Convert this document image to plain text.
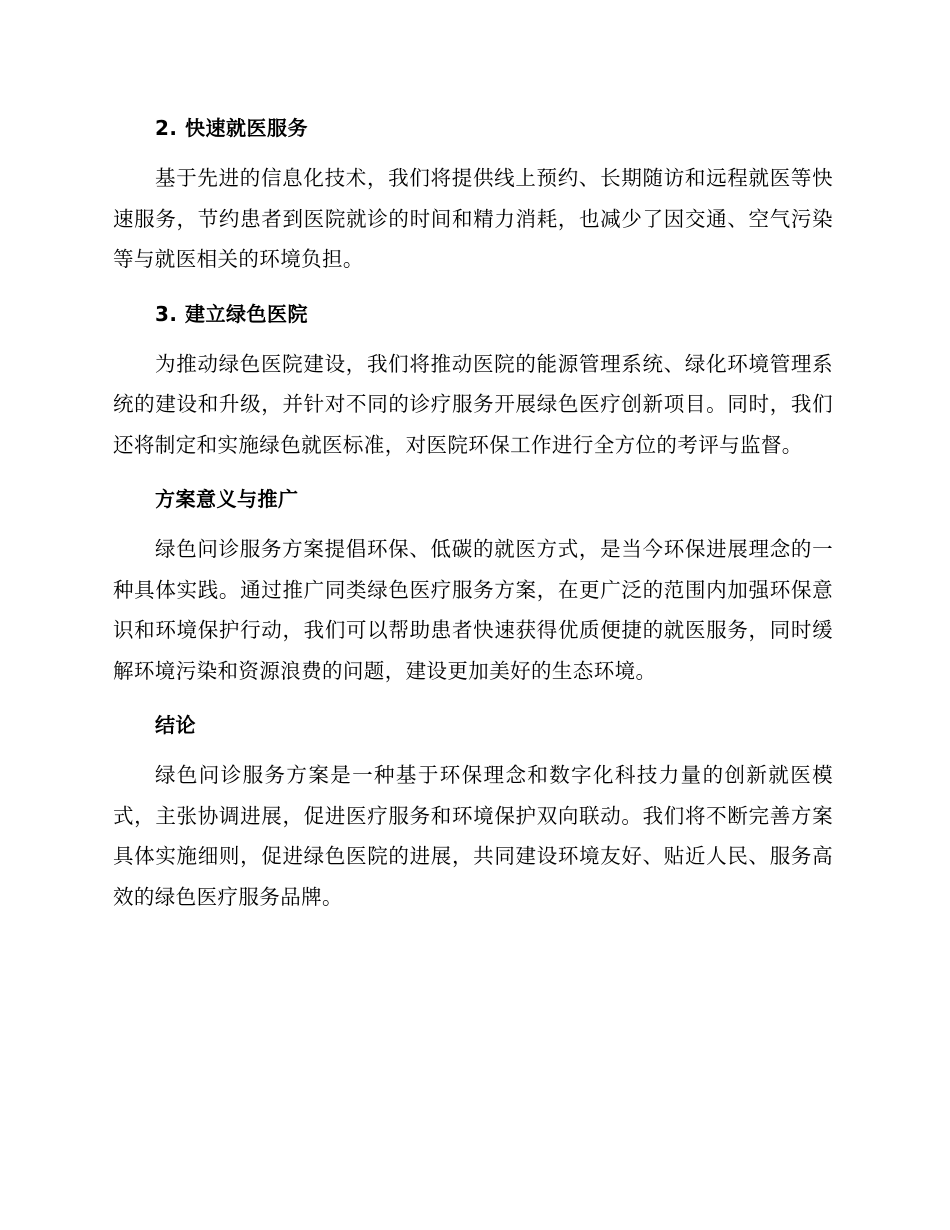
2. 快速就医服务

基于先进的信息化技术，我们将提供线上预约、长期随访和远程就医等快速服务，节约患者到医院就诊的时间和精力消耗，也减少了因交通、空气污染等与就医相关的环境负担。

3. 建立绿色医院

为推动绿色医院建设，我们将推动医院的能源管理系统、绿化环境管理系统的建设和升级，并针对不同的诊疗服务开展绿色医疗创新项目。同时，我们还将制定和实施绿色就医标准，对医院环保工作进行全方位的考评与监督。

方案意义与推广

绿色问诊服务方案提倡环保、低碳的就医方式，是当今环保进展理念的一种具体实践。通过推广同类绿色医疗服务方案，在更广泛的范围内加强环保意识和环境保护行动，我们可以帮助患者快速获得优质便捷的就医服务，同时缓解环境污染和资源浪费的问题，建设更加美好的生态环境。

结论

绿色问诊服务方案是一种基于环保理念和数字化科技力量的创新就医模式，主张协调进展，促进医疗服务和环境保护双向联动。我们将不断完善方案具体实施细则，促进绿色医院的进展，共同建设环境友好、贴近人民、服务高效的绿色医疗服务品牌。
